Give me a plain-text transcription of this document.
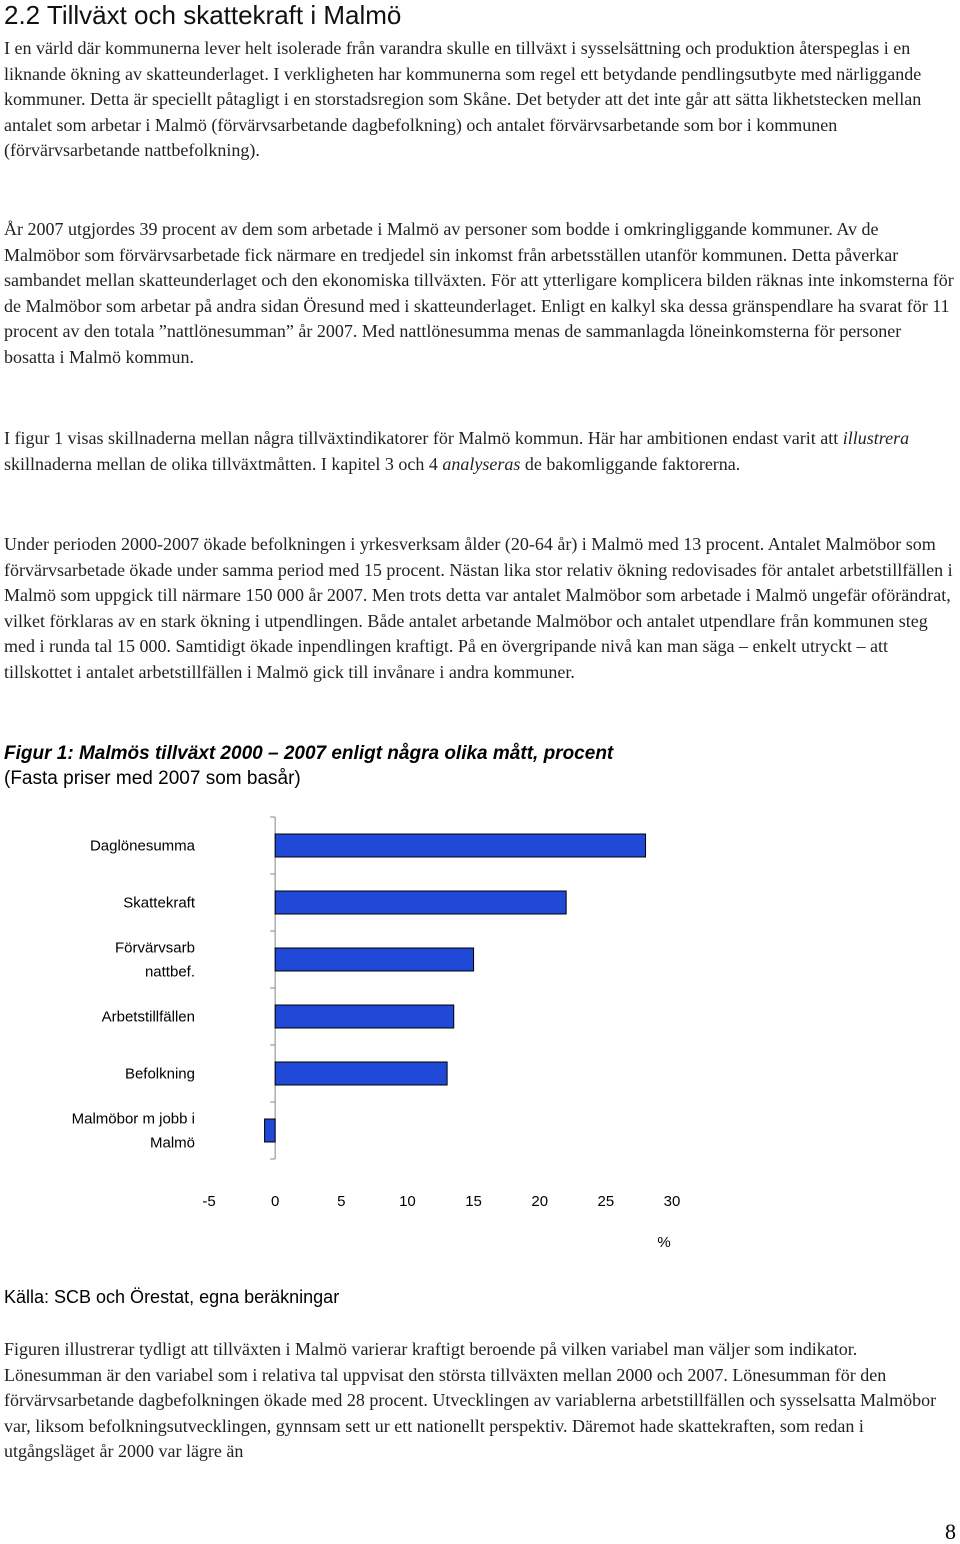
2.2 Tillväxt och skattekraft i Malmö

I en värld där kommunerna lever helt isolerade från varandra skulle en tillväxt i sysselsättning och produktion återspeglas i en liknande ökning av skatteunderlaget. I verkligheten har kommunerna som regel ett betydande pendlingsutbyte med närliggande kommuner. Detta är speciellt påtagligt i en storstadsregion som Skåne. Det betyder att det inte går att sätta likhetstecken mellan antalet som arbetar i Malmö (förvärvsarbetande dagbefolkning) och antalet förvärvsarbetande som bor i kommunen (förvärvsarbetande nattbefolkning).

År 2007 utgjordes 39 procent av dem som arbetade i Malmö av personer som bodde i omkringliggande kommuner. Av de Malmöbor som förvärvsarbetade fick närmare en tredjedel sin inkomst från arbetsställen utanför kommunen. Detta påverkar sambandet mellan skatteunderlaget och den ekonomiska tillväxten. För att ytterligare komplicera bilden räknas inte inkomsterna för de Malmöbor som arbetar på andra sidan Öresund med i skatteunderlaget. Enligt en kalkyl ska dessa gränspendlare ha svarat för 11 procent av den totala ”nattlönesumman” år 2007. Med nattlönesumma menas de sammanlagda löneinkomsterna för personer bosatta i Malmö kommun.

I figur 1 visas skillnaderna mellan några tillväxtindikatorer för Malmö kommun. Här har ambitionen endast varit att illustrera skillnaderna mellan de olika tillväxtmåtten. I kapitel 3 och 4 analyseras de bakomliggande faktorerna.

Under perioden 2000-2007 ökade befolkningen i yrkesverksam ålder (20-64 år) i Malmö med 13 procent. Antalet Malmöbor som förvärvsarbetade ökade under samma period med 15 procent. Nästan lika stor relativ ökning redovisades för antalet arbetstillfällen i Malmö som uppgick till närmare 150 000 år 2007. Men trots detta var antalet Malmöbor som arbetade i Malmö ungefär oförändrat, vilket förklaras av en stark ökning i utpendlingen. Både antalet arbetande Malmöbor och antalet utpendlare från kommunen steg med i runda tal 15 000. Samtidigt ökade inpendlingen kraftigt. På en övergripande nivå kan man säga – enkelt utryckt – att tillskottet i antalet arbetstillfällen i Malmö gick till invånare i andra kommuner.

Figur 1: Malmös tillväxt 2000 – 2007 enligt några olika mått, procent

(Fasta priser med 2007 som basår)

Daglönesumma
Skattekraft
Förvärvsarb
nattbef.
Arbetstillfällen
Befolkning
Malmöbor m jobb i
Malmö
-5	0	5	10	15	20	25	30
%

Källa: SCB och Örestat, egna beräkningar

Figuren illustrerar tydligt att tillväxten i Malmö varierar kraftigt beroende på vilken variabel man väljer som indikator. Lönesumman är den variabel som i relativa tal uppvisat den största tillväxten mellan 2000 och 2007. Lönesumman för den förvärvsarbetande dagbefolkningen ökade med 28 procent. Utvecklingen av variablerna arbetstillfällen och sysselsatta Malmöbor var, liksom befolkningsutvecklingen, gynnsam sett ur ett nationellt perspektiv. Däremot hade skattekraften, som redan i utgångsläget år 2000 var lägre än

8
